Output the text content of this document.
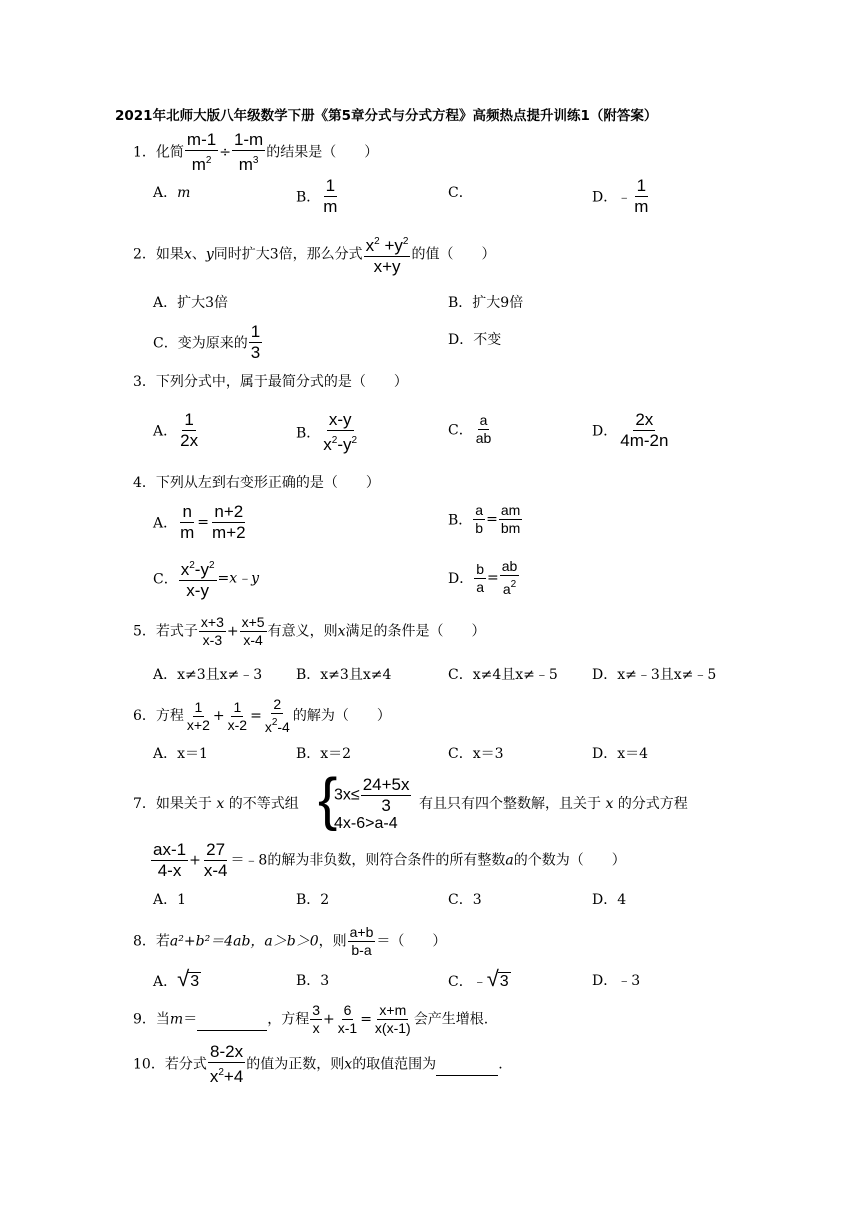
2021年北师大版八年级数学下册《第5章分式与分式方程》高频热点提升训练1（附答案）
1．化简 $\frac{m-1}{m^2} \div \frac{1-m}{m^3}$ 的结果是（　　）
A．m	B． $\frac{1}{m}$	C．	D．﹣ $\frac{1}{m}$
2．如果x、y同时扩大3倍，那么分式 $\frac{x^2 +y^2}{x+y}$ 的值（　　）
A．扩大3倍	B．扩大9倍
C．变为原来的 $\frac{1}{3}$	D．不变
3．下列分式中，属于最简分式的是（　　）
A． $\frac{1}{2x}$	B． $\frac{x-y}{x^2-y^2}$	C． $\frac{a}{ab}$	D． $\frac{2x}{4m-2n}$
4．下列从左到右变形正确的是（　　）
A． $\frac{n}{m} = \frac{n+2}{m+2}$	B． $\frac{a}{b} = \frac{am}{bm}$
C． $\frac{x^2-y^2}{x-y}$ =x﹣y	D． $\frac{b}{a} = \frac{ab}{a^2}$
5．若式子 $\frac{x+3}{x-3} + \frac{x+5}{x-4}$ 有意义，则x满足的条件是（　　）
A．x≠3且x≠﹣3 B．x≠3且x≠4	C．x≠4且x≠﹣5 D．x≠﹣3且x≠﹣5
6．方程 $\frac{1}{x+2} + \frac{1}{x-2} = \frac{2}{x^2-4}$ 的解为（　　）
A．x＝1	B．x＝2	C．x＝3	D．x＝4
7．如果关于 x 的不等式组 {
$3x\le \frac{24+5x}{3}$
4x-6>a-4
有且只有四个整数解，且关于 x 的分式方程
$\frac{ax-1}{4-x} + \frac{27}{x-4}$ ＝﹣8的解为非负数，则符合条件的所有整数a的个数为（　　）
A．1	B．2	C．3	D．4
8．若a²+b²＝4ab，a＞b＞0，则 $\frac{a+b}{b-a}$ ＝（　　）
A．√3	B．3	C．﹣√3	D．﹣3
9．当m＝	，方程 $\frac{3}{x} + \frac{6}{x-1} = \frac{x+m}{x(x-1)}$ 会产生增根.
10．若分式 $\frac{8-2x}{x^2+4}$ 的值为正数，则x的取值范围为	.
